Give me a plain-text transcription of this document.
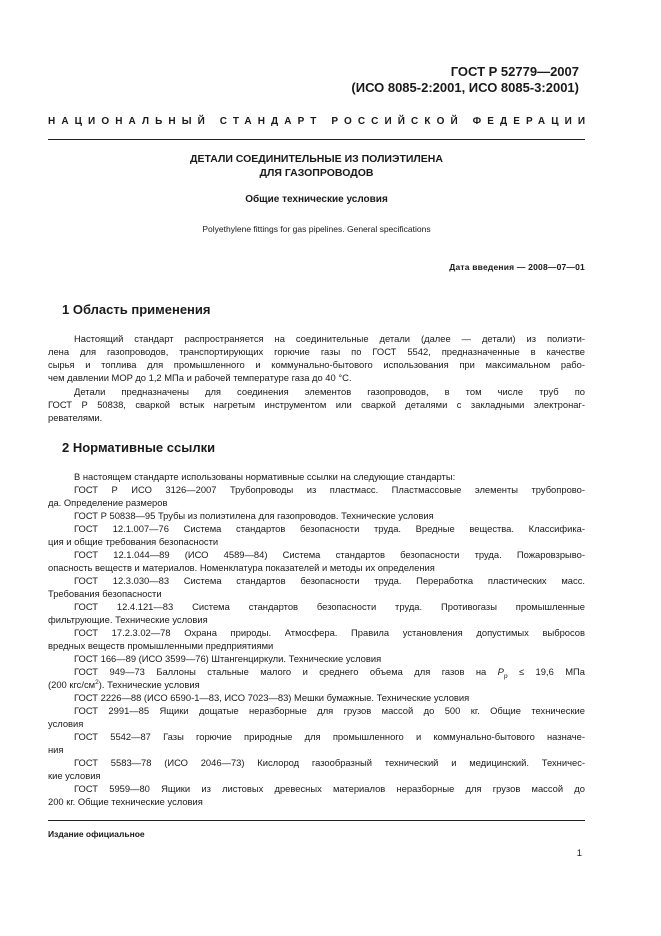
ГОСТ Р 52779—2007
(ИСО 8085-2:2001, ИСО 8085-3:2001)
НАЦИОНАЛЬНЫЙ СТАНДАРТ РОССИЙСКОЙ ФЕДЕРАЦИИ
ДЕТАЛИ СОЕДИНИТЕЛЬНЫЕ ИЗ ПОЛИЭТИЛЕНА
ДЛЯ ГАЗОПРОВОДОВ
Общие технические условия
Polyethylene fittings for gas pipelines. General specifications
Дата введения — 2008—07—01
1 Область применения
Настоящий стандарт распространяется на соединительные детали (далее — детали) из полиэти-
лена для газопроводов, транспортирующих горючие газы по ГОСТ 5542, предназначенные в качестве
сырья и топлива для промышленного и коммунально-бытового использования при максимальном рабо-
чем давлении MOP до 1,2 МПа и рабочей температуре газа до 40 °С.
Детали предназначены для соединения элементов газопроводов, в том числе труб по
ГОСТ Р 50838, сваркой встык нагретым инструментом или сваркой деталями с закладными электронаг-
ревателями.
2 Нормативные ссылки
В настоящем стандарте использованы нормативные ссылки на следующие стандарты:
ГОСТ Р ИСО 3126—2007 Трубопроводы из пластмасс. Пластмассовые элементы трубопрово-
да. Определение размеров
ГОСТ Р 50838—95 Трубы из полиэтилена для газопроводов. Технические условия
ГОСТ 12.1.007—76 Система стандартов безопасности труда. Вредные вещества. Классифика-
ция и общие требования безопасности
ГОСТ 12.1.044—89 (ИСО 4589—84) Система стандартов безопасности труда. Пожаровзрыво-
опасность веществ и материалов. Номенклатура показателей и методы их определения
ГОСТ 12.3.030—83 Система стандартов безопасности труда. Переработка пластических масс.
Требования безопасности
ГОСТ 12.4.121—83 Система стандартов безопасности труда. Противогазы промышленные
фильтрующие. Технические условия
ГОСТ 17.2.3.02—78 Охрана природы. Атмосфера. Правила установления допустимых выбросов
вредных веществ промышленными предприятиями
ГОСТ 166—89 (ИСО 3599—76) Штангенциркули. Технические условия
ГОСТ 949—73 Баллоны стальные малого и среднего объема для газов на $P_р \le 19,6$ МПа
(200 кгс/$см^2$). Технические условия
ГОСТ 2226—88 (ИСО 6590-1—83, ИСО 7023—83) Мешки бумажные. Технические условия
ГОСТ 2991—85 Ящики дощатые неразборные для грузов массой до 500 кг. Общие технические
условия
ГОСТ 5542—87 Газы горючие природные для промышленного и коммунально-бытового назначе-
ния
ГОСТ 5583—78 (ИСО 2046—73) Кислород газообразный технический и медицинский. Техничес-
кие условия
ГОСТ 5959—80 Ящики из листовых древесных материалов неразборные для грузов массой до
200 кг. Общие технические условия
Издание официальное
1
